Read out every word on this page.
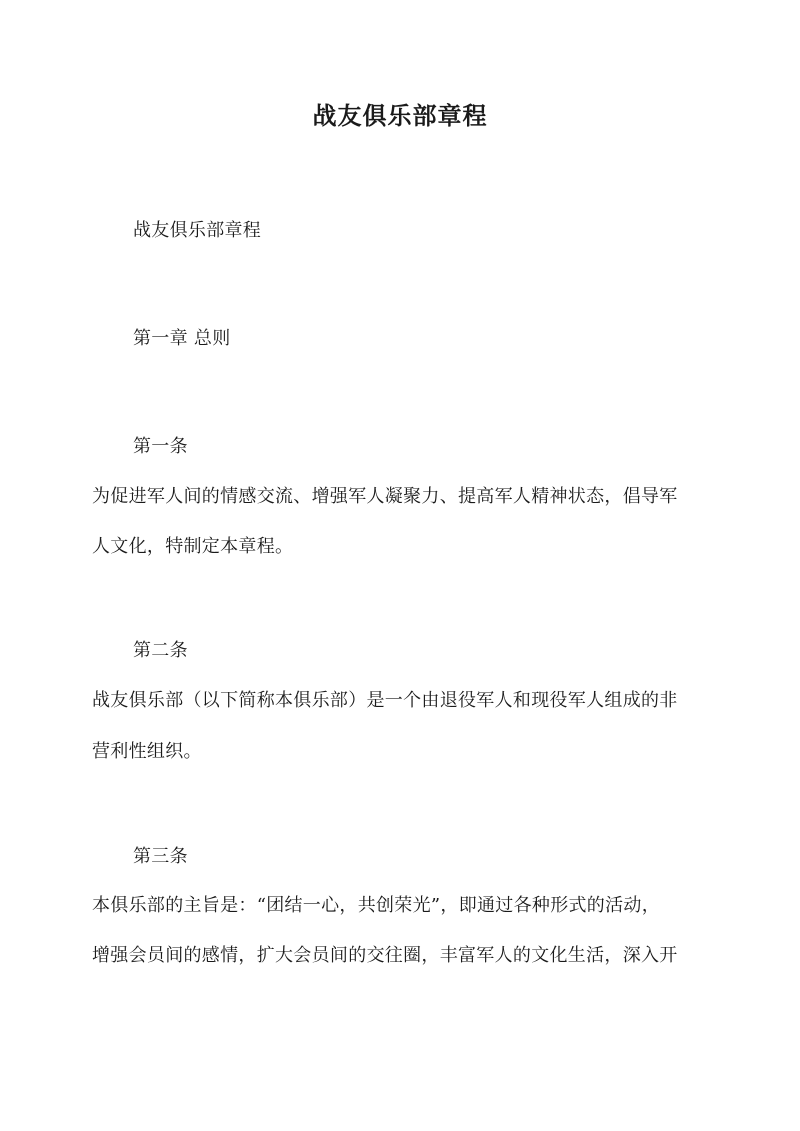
战友俱乐部章程
战友俱乐部章程
第一章 总则
第一条
为促进军人间的情感交流、增强军人凝聚力、提高军人精神状态，倡导军
人文化，特制定本章程。
第二条
战友俱乐部（以下简称本俱乐部）是一个由退役军人和现役军人组成的非
营利性组织。
第三条
本俱乐部的主旨是：“团结一心，共创荣光”，即通过各种形式的活动，
增强会员间的感情，扩大会员间的交往圈，丰富军人的文化生活，深入开
